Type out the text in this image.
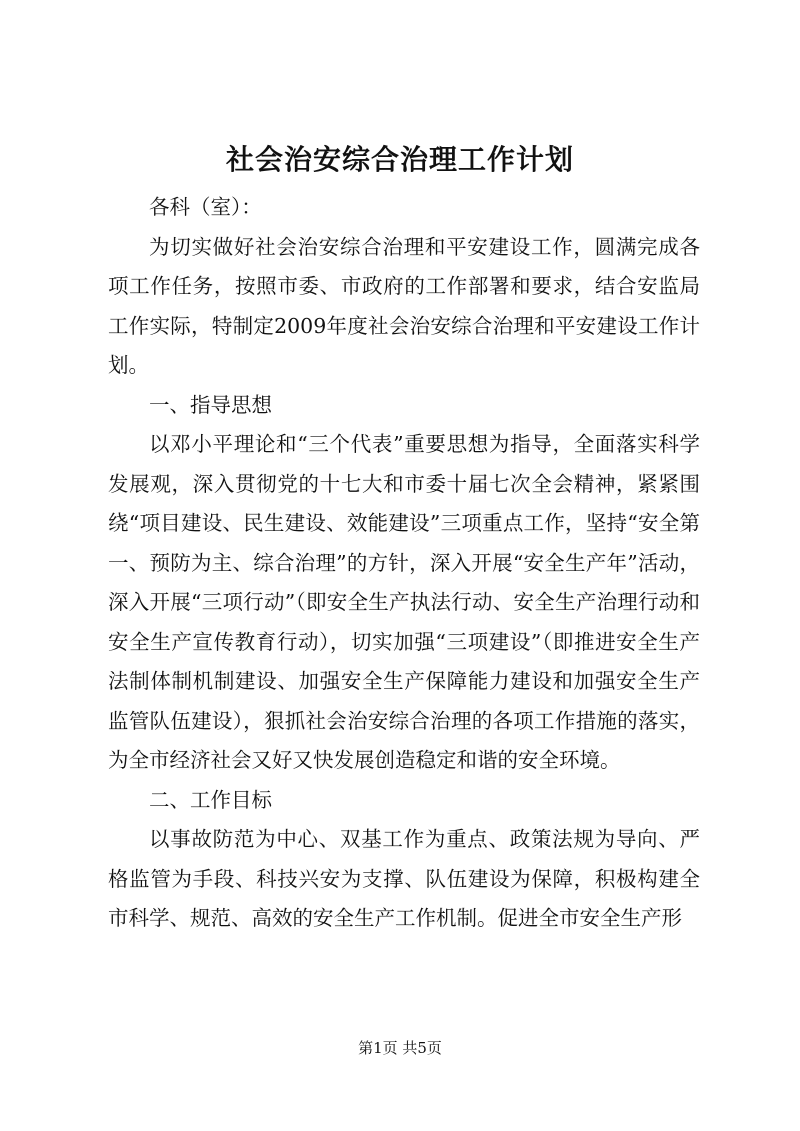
社会治安综合治理工作计划

各科（室）：

为切实做好社会治安综合治理和平安建设工作，圆满完成各项工作任务，按照市委、市政府的工作部署和要求，结合安监局工作实际，特制定2009年度社会治安综合治理和平安建设工作计划。

一、指导思想

以邓小平理论和“三个代表”重要思想为指导，全面落实科学发展观，深入贯彻党的十七大和市委十届七次全会精神，紧紧围绕“项目建设、民生建设、效能建设”三项重点工作，坚持“安全第一、预防为主、综合治理”的方针，深入开展“安全生产年”活动，深入开展“三项行动”（即安全生产执法行动、安全生产治理行动和安全生产宣传教育行动），切实加强“三项建设”（即推进安全生产法制体制机制建设、加强安全生产保障能力建设和加强安全生产监管队伍建设），狠抓社会治安综合治理的各项工作措施的落实，为全市经济社会又好又快发展创造稳定和谐的安全环境。

二、工作目标

以事故防范为中心、双基工作为重点、政策法规为导向、严格监管为手段、科技兴安为支撑、队伍建设为保障，积极构建全市科学、规范、高效的安全生产工作机制。促进全市安全生产形

第1页 共5页
